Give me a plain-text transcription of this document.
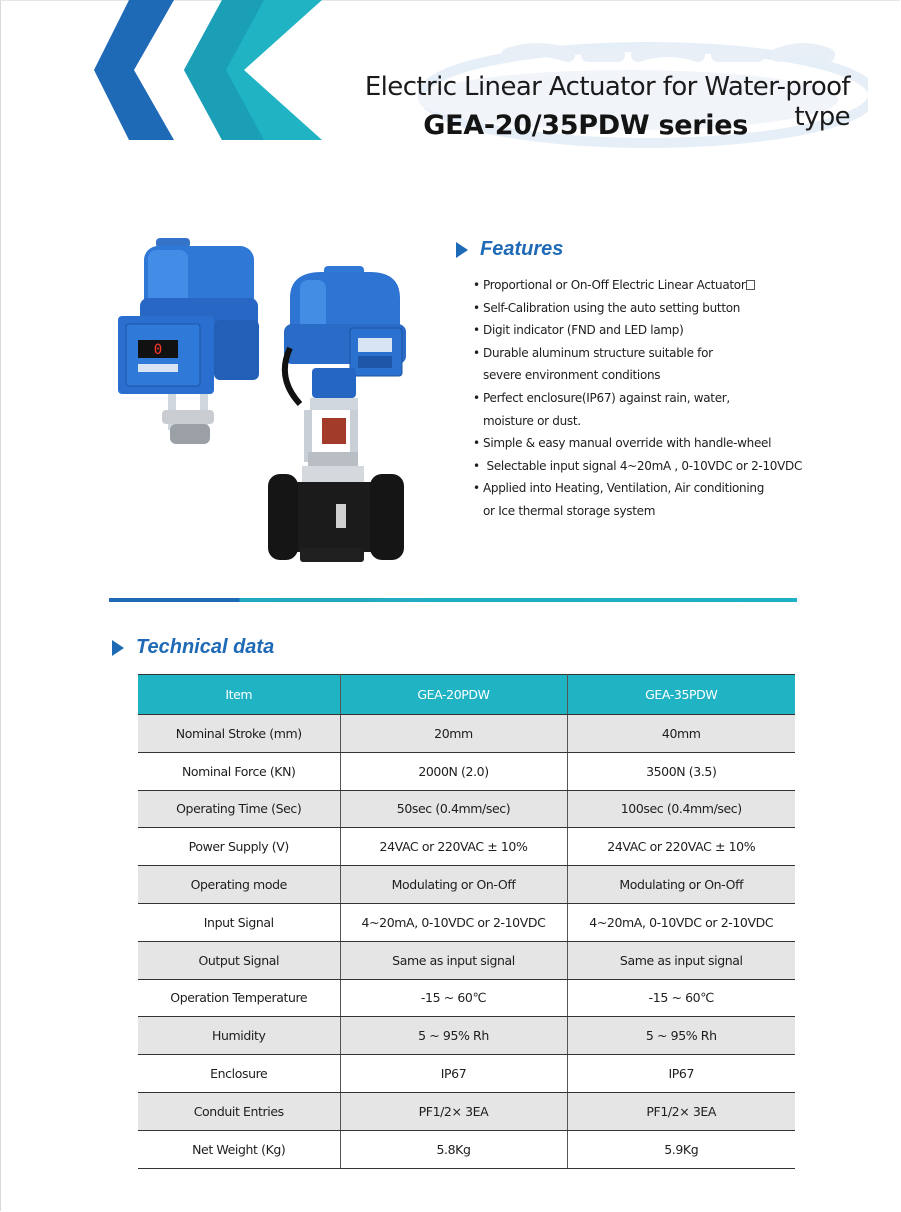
Electric Linear Actuator for Water-proof type
GEA-20/35PDW series
0
Features
• Proportional or On-Off Electric Linear Actuator
• Self-Calibration using the auto setting button
• Digit indicator (FND and LED lamp)
• Durable aluminum structure suitable for severe environment conditions
• Perfect enclosure(IP67) against rain, water, moisture or dust.
• Simple & easy manual override with handle-wheel
•  Selectable input signal 4~20mA , 0-10VDC or 2-10VDC
• Applied into Heating, Ventilation, Air conditioning or Ice thermal storage system
Technical data
Item	GEA-20PDW	GEA-35PDW
Nominal Stroke (mm)	20mm	40mm
Nominal Force (KN)	2000N (2.0)	3500N (3.5)
Operating Time (Sec)	50sec (0.4mm/sec)	100sec (0.4mm/sec)
Power Supply (V)	24VAC or 220VAC ± 10%	24VAC or 220VAC ± 10%
Operating mode	Modulating or On-Off	Modulating or On-Off
Input Signal	4~20mA, 0-10VDC or 2-10VDC	4~20mA, 0-10VDC or 2-10VDC
Output Signal	Same as input signal	Same as input signal
Operation Temperature	-15 ~ 60℃	-15 ~ 60℃
Humidity	5 ~ 95% Rh	5 ~ 95% Rh
Enclosure	IP67	IP67
Conduit Entries	PF1/2× 3EA	PF1/2× 3EA
Net Weight (Kg)	5.8Kg	5.9Kg
